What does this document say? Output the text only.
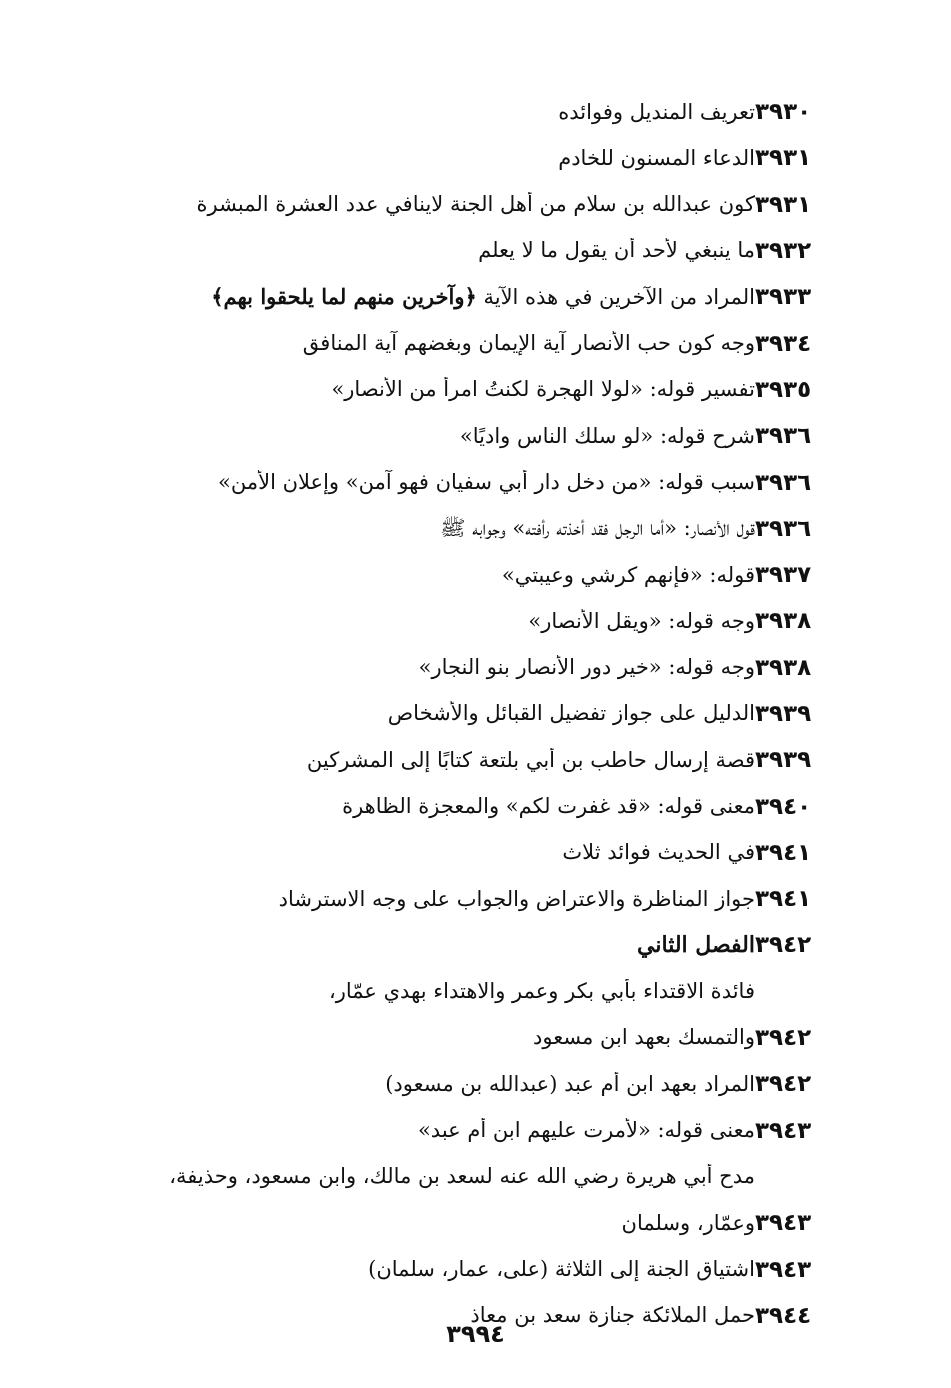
تعريف المنديل وفوائده ٣٩٣٠
الدعاء المسنون للخادم ٣٩٣١
كون عبدالله بن سلام من أهل الجنة لاينافي عدد العشرة المبشرة ٣٩٣١
ما ينبغي لأحد أن يقول ما لا يعلم ٣٩٣٢
المراد من الآخرين في هذه الآية ﴿وآخرين منهم لما يلحقوا بهم﴾	٣٩٣٣
وجه كون حب الأنصار آية الإيمان وبغضهم آية المنافق ٣٩٣٤
تفسير قوله: «لولا الهجرة لكنتُ امرأ من الأنصار» ٣٩٣٥
شرح قوله: «لو سلك الناس واديًا» ٣٩٣٦
سبب قوله: «من دخل دار أبي سفيان فهو آمن» وإعلان الأمن» ٣٩٣٦
قول الأنصار: «أما الرجل فقد أخذته رأفته» وجوابه ﷺ ٣٩٣٦
قوله: «فإنهم كرشي وعيبتي» ٣٩٣٧
وجه قوله: «ويقل الأنصار» ٣٩٣٨
وجه قوله: «خير دور الأنصار بنو النجار» ٣٩٣٨
الدليل على جواز تفضيل القبائل والأشخاص ٣٩٣٩
قصة إرسال حاطب بن أبي بلتعة كتابًا إلى المشركين ٣٩٣٩
معنى قوله: «قد غفرت لكم» والمعجزة الظاهرة ٣٩٤٠
في الحديث فوائد ثلاث ٣٩٤١
جواز المناظرة والاعتراض والجواب على وجه الاسترشاد ٣٩٤١
الفصل الثاني ٣٩٤٢
فائدة الاقتداء بأبي بكر وعمر والاهتداء بهدي عمّار،
والتمسك بعهد ابن مسعود ٣٩٤٢
المراد بعهد ابن أم عبد (عبدالله بن مسعود) ٣٩٤٢
معنى قوله: «لأمرت عليهم ابن أم عبد» ٣٩٤٣
مدح أبي هريرة رضي الله عنه لسعد بن مالك، وابن مسعود، وحذيفة،
وعمّار، وسلمان ٣٩٤٣
اشتياق الجنة إلى الثلاثة (على، عمار، سلمان) ٣٩٤٣
حمل الملائكة جنازة سعد بن معاذ ٣٩٤٤
٣٩٩٤
